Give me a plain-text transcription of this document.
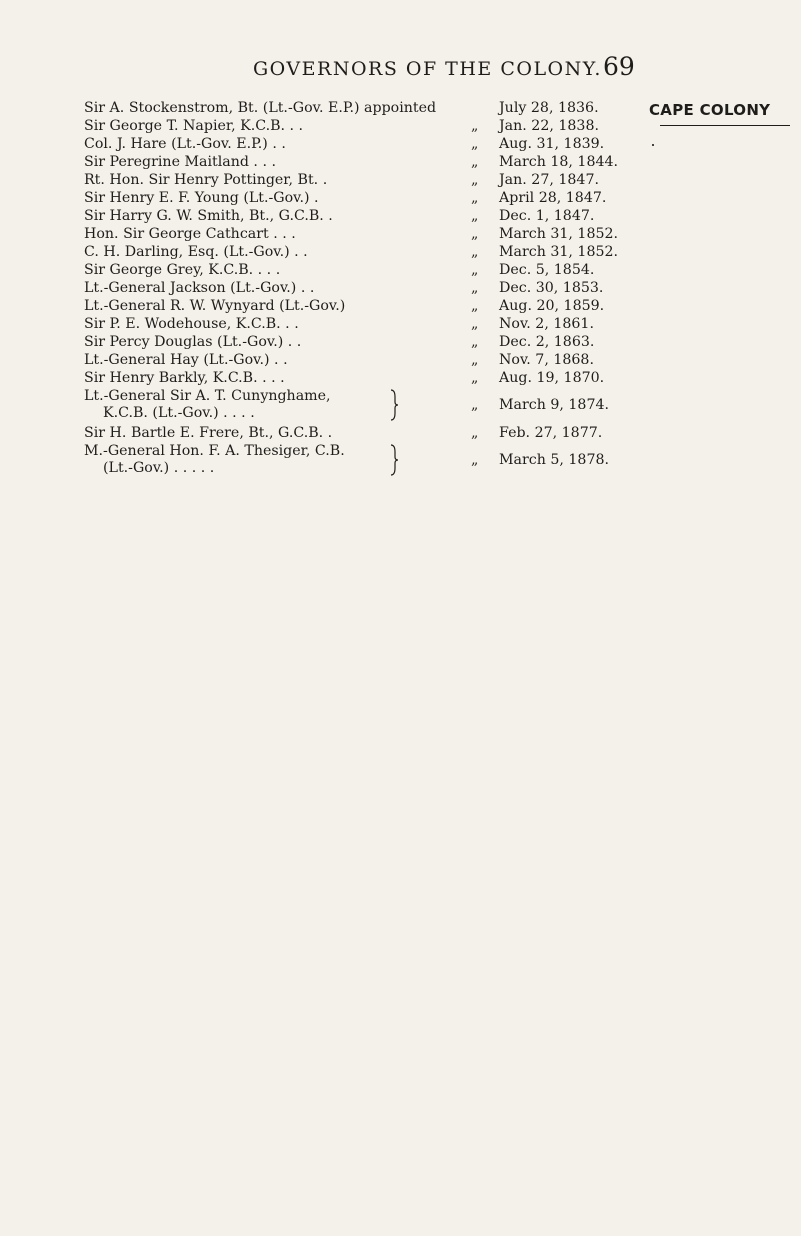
GOVERNORS OF THE COLONY. 69
CAPE COLONY
Sir A. Stockenstrom, Bt. (Lt.-Gov. E.P.) appointed	July 28, 1836.
Sir George T. Napier, K.C.B. . .	„ Jan. 22, 1838.
Col. J. Hare (Lt.-Gov. E.P.) . .	„ Aug. 31, 1839.
Sir Peregrine Maitland . . .	„ March 18, 1844.
Rt. Hon. Sir Henry Pottinger, Bt. .	„ Jan. 27, 1847.
Sir Henry E. F. Young (Lt.-Gov.) .	„ April 28, 1847.
Sir Harry G. W. Smith, Bt., G.C.B. .	„ Dec. 1, 1847.
Hon. Sir George Cathcart . . .	„ March 31, 1852.
C. H. Darling, Esq. (Lt.-Gov.) . .	„ March 31, 1852.
Sir George Grey, K.C.B. . . .	„ Dec. 5, 1854.
Lt.-General Jackson (Lt.-Gov.) . .	„ Dec. 30, 1853.
Lt.-General R. W. Wynyard (Lt.-Gov.)	„ Aug. 20, 1859.
Sir P. E. Wodehouse, K.C.B. . .	„ Nov. 2, 1861.
Sir Percy Douglas (Lt.-Gov.) . .	„ Dec. 2, 1863.
Lt.-General Hay (Lt.-Gov.) . .	„ Nov. 7, 1868.
Sir Henry Barkly, K.C.B. . . .	„ Aug. 19, 1870.
Lt.-General Sir A. T. Cunynghame,
K.C.B. (Lt.-Gov.) . . . .	„ March 9, 1874.
Sir H. Bartle E. Frere, Bt., G.C.B. .	„ Feb. 27, 1877.
M.-General Hon. F. A. Thesiger, C.B.
(Lt.-Gov.) . . . . .	„ March 5, 1878.
